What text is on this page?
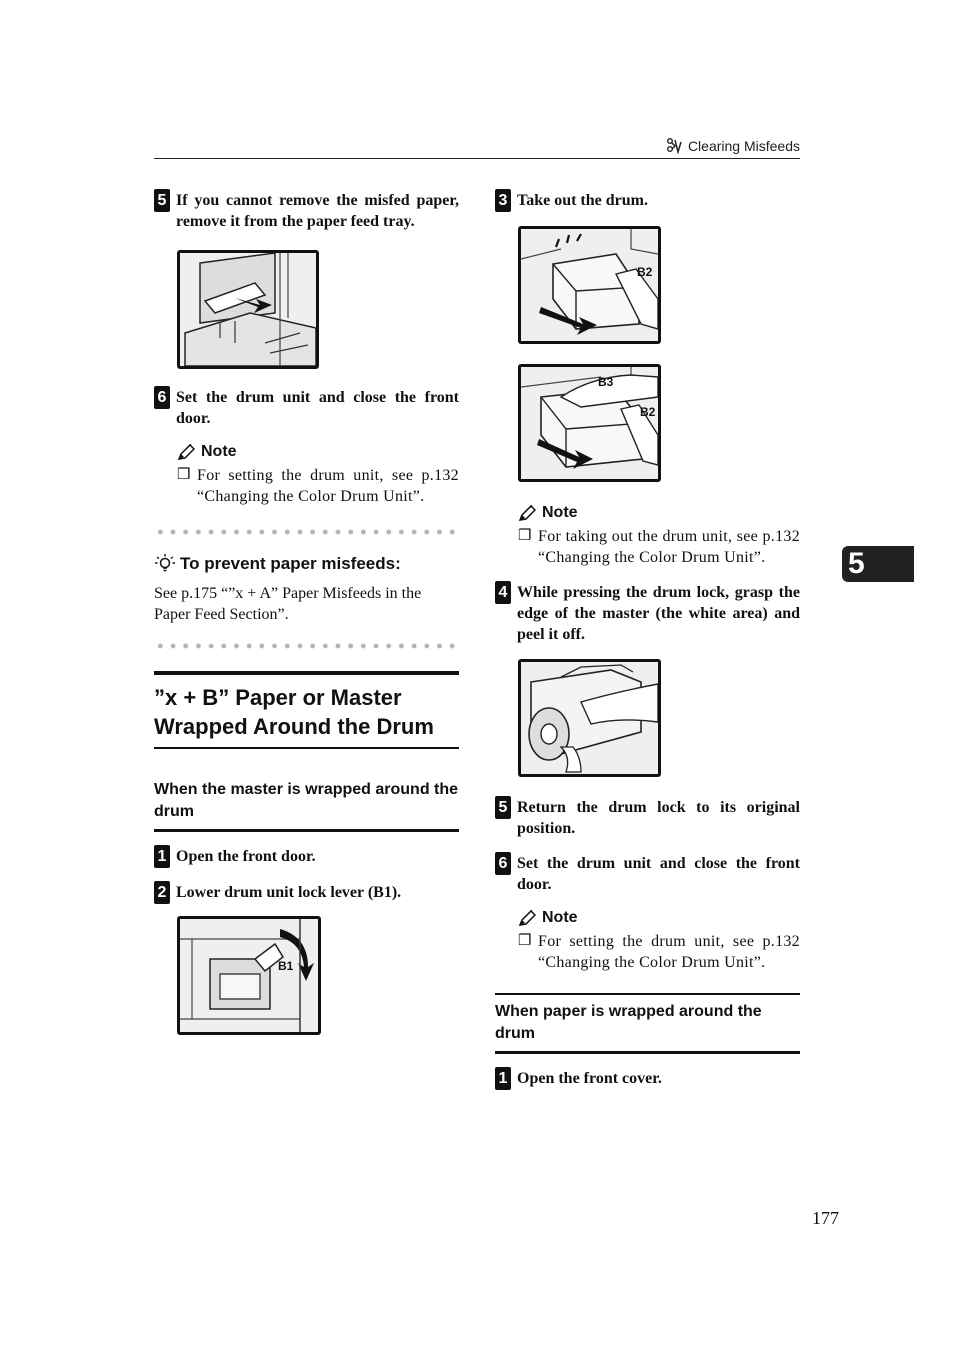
Clearing Misfeeds
5 If you cannot remove the misfed paper, remove it from the paper feed tray.
6 Set the drum unit and close the front door.
Note
❒ For setting the drum unit, see p.132 “Changing the Color Drum Unit”.
To prevent paper misfeeds:
See p.175 “”x + A” Paper Misfeeds in the Paper Feed Section”.
”x + B” Paper or Master Wrapped Around the Drum
When the master is wrapped around the drum
1 Open the front door.
2 Lower drum unit lock lever (B1).
B1
3 Take out the drum.
B2
B3
B2
Note
❒ For taking out the drum unit, see p.132 “Changing the Color Drum Unit”.
4 While pressing the drum lock, grasp the edge of the master (the white area) and peel it off.
5 Return the drum lock to its original position.
6 Set the drum unit and close the front door.
Note
❒ For setting the drum unit, see p.132 “Changing the Color Drum Unit”.
When paper is wrapped around the drum
1 Open the front cover.
5
177
